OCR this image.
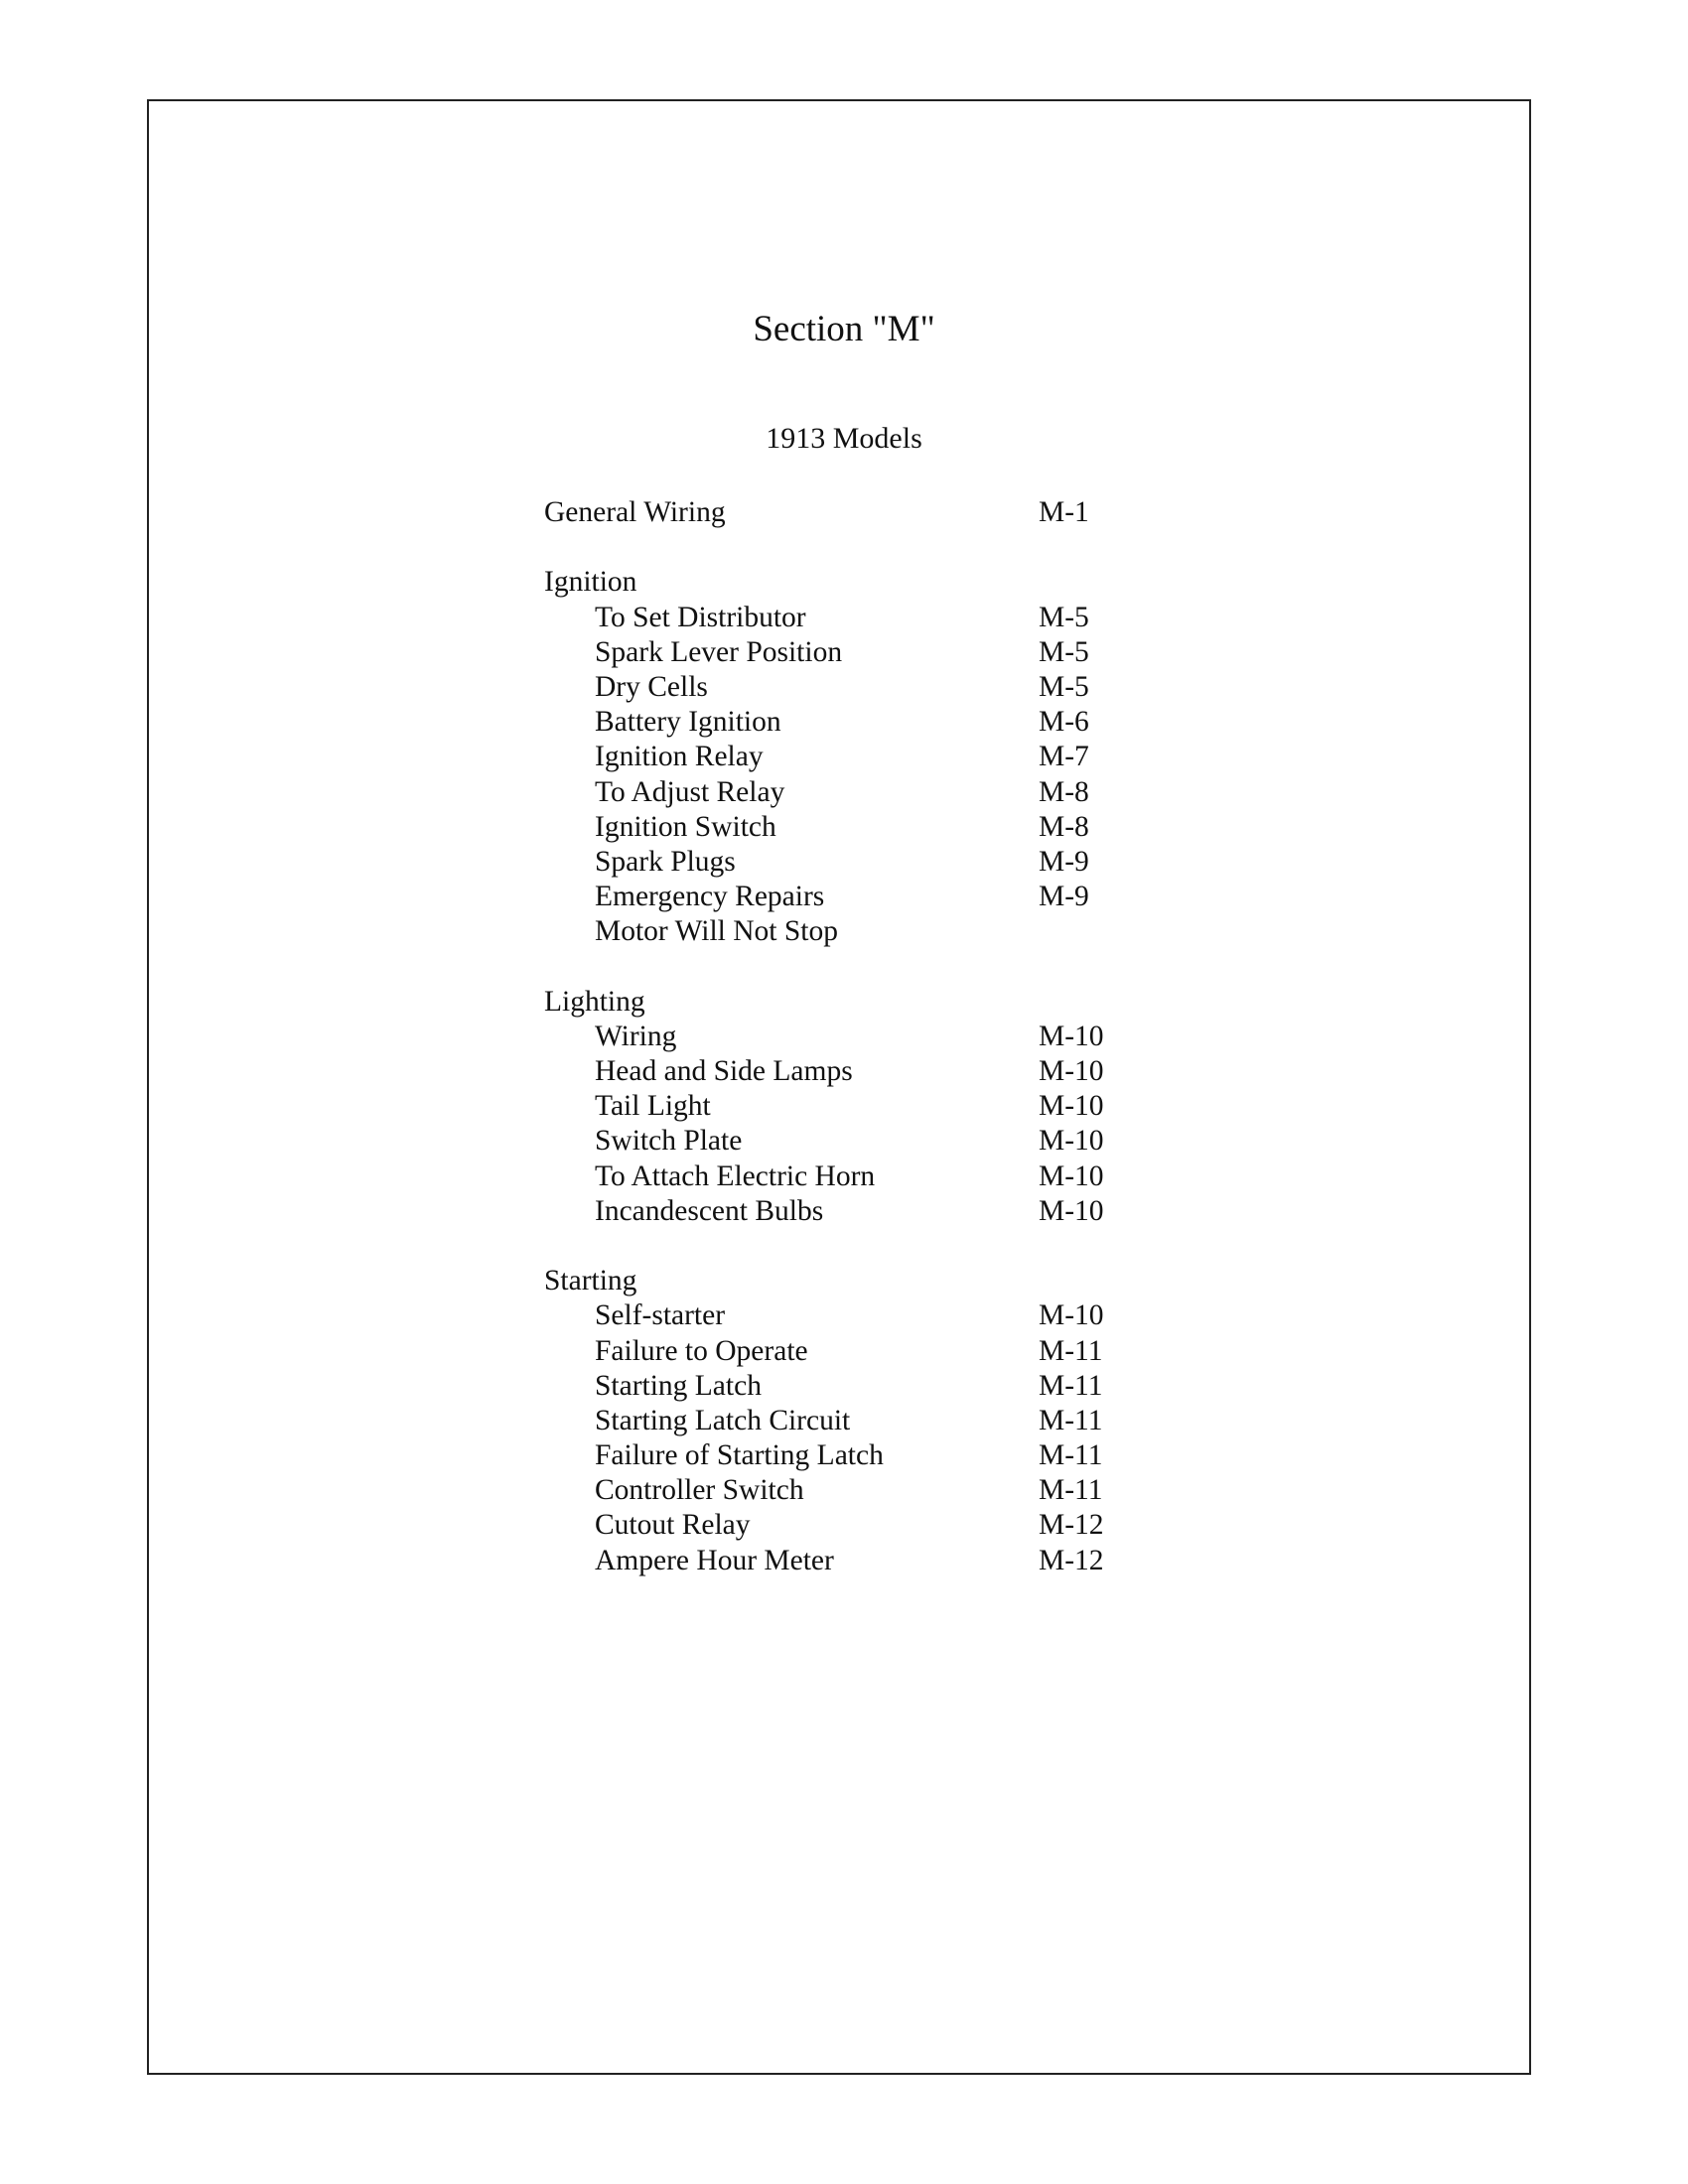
Section "M"
1913 Models
General Wiring	M-1
Ignition
To Set Distributor	M-5
Spark Lever Position	M-5
Dry Cells	M-5
Battery Ignition	M-6
Ignition Relay	M-7
To Adjust Relay	M-8
Ignition Switch	M-8
Spark Plugs	M-9
Emergency Repairs	M-9
Motor Will Not Stop
Lighting
Wiring	M-10
Head and Side Lamps	M-10
Tail Light	M-10
Switch Plate	M-10
To Attach Electric Horn	M-10
Incandescent Bulbs	M-10
Starting
Self-starter	M-10
Failure to Operate	M-11
Starting Latch	M-11
Starting Latch Circuit	M-11
Failure of Starting Latch	M-11
Controller Switch	M-11
Cutout Relay	M-12
Ampere Hour Meter	M-12
